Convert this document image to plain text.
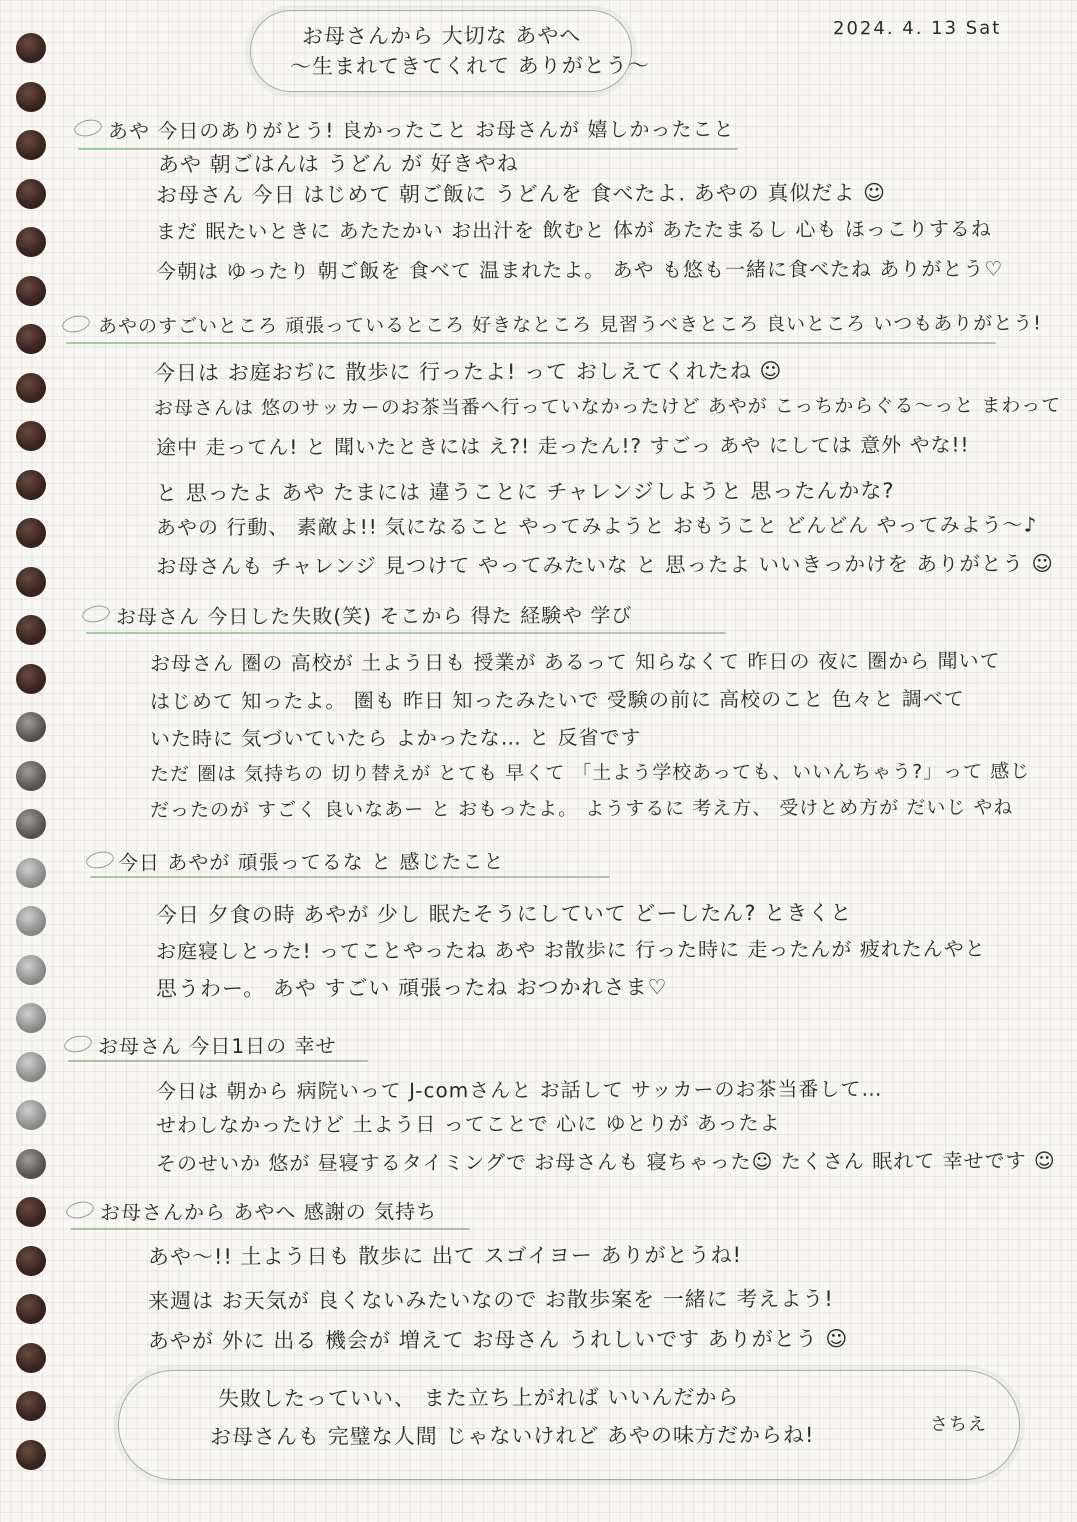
お母さんから 大切な あやへ
〜生まれてきてくれて ありがとう〜
2024. 4. 13 Sat
あや 今日のありがとう! 良かったこと お母さんが 嬉しかったこと
あや 朝ごはんは うどん が 好きやね
お母さん 今日 はじめて 朝ご飯に うどんを 食べたよ. あやの 真似だよ ☺
まだ 眠たいときに あたたかい お出汁を 飲むと 体が あたたまるし 心も ほっこりするね
今朝は ゆったり 朝ご飯を 食べて 温まれたよ。 あや も悠も一緒に食べたね ありがとう♡
あやのすごいところ 頑張っているところ 好きなところ 見習うべきところ 良いところ いつもありがとう!
今日は お庭おぢに 散歩に 行ったよ! って おしえてくれたね ☺
お母さんは 悠のサッカーのお茶当番へ行っていなかったけど あやが こっちからぐる〜っと まわって
途中 走ってん! と 聞いたときには え?! 走ったん!? すごっ あや にしては 意外 やな!!
と 思ったよ あや たまには 違うことに チャレンジしようと 思ったんかな?
あやの 行動、 素敵よ!! 気になること やってみようと おもうこと どんどん やってみよう〜♪
お母さんも チャレンジ 見つけて やってみたいな と 思ったよ いいきっかけを ありがとう ☺
お母さん 今日した失敗(笑) そこから 得た 経験や 学び
お母さん 圏の 高校が 土よう日も 授業が あるって 知らなくて 昨日の 夜に 圏から 聞いて
はじめて 知ったよ。 圏も 昨日 知ったみたいで 受験の前に 高校のこと 色々と 調べて
いた時に 気づいていたら よかったな… と 反省です
ただ 圏は 気持ちの 切り替えが とても 早くて 「土よう学校あっても、いいんちゃう?」って 感じ
だったのが すごく 良いなあー と おもったよ。 ようするに 考え方、 受けとめ方が だいじ やね
今日 あやが 頑張ってるな と 感じたこと
今日 夕食の時 あやが 少し 眠たそうにしていて どーしたん? ときくと
お庭寝しとった! ってことやったね あや お散歩に 行った時に 走ったんが 疲れたんやと
思うわー。 あや すごい 頑張ったね おつかれさま♡
お母さん 今日1日の 幸せ
今日は 朝から 病院いって J-comさんと お話して サッカーのお茶当番して…
せわしなかったけど 土よう日 ってことで 心に ゆとりが あったよ
そのせいか 悠が 昼寝するタイミングで お母さんも 寝ちゃった☺ たくさん 眠れて 幸せです ☺
お母さんから あやへ 感謝の 気持ち
あや〜!! 土よう日も 散歩に 出て スゴイヨー ありがとうね!
来週は お天気が 良くないみたいなので お散歩案を 一緒に 考えよう!
あやが 外に 出る 機会が 増えて お母さん うれしいです ありがとう ☺
失敗したっていい、 また立ち上がれば いいんだから
お母さんも 完璧な人間 じゃないけれど あやの味方だからね!	さちえ
